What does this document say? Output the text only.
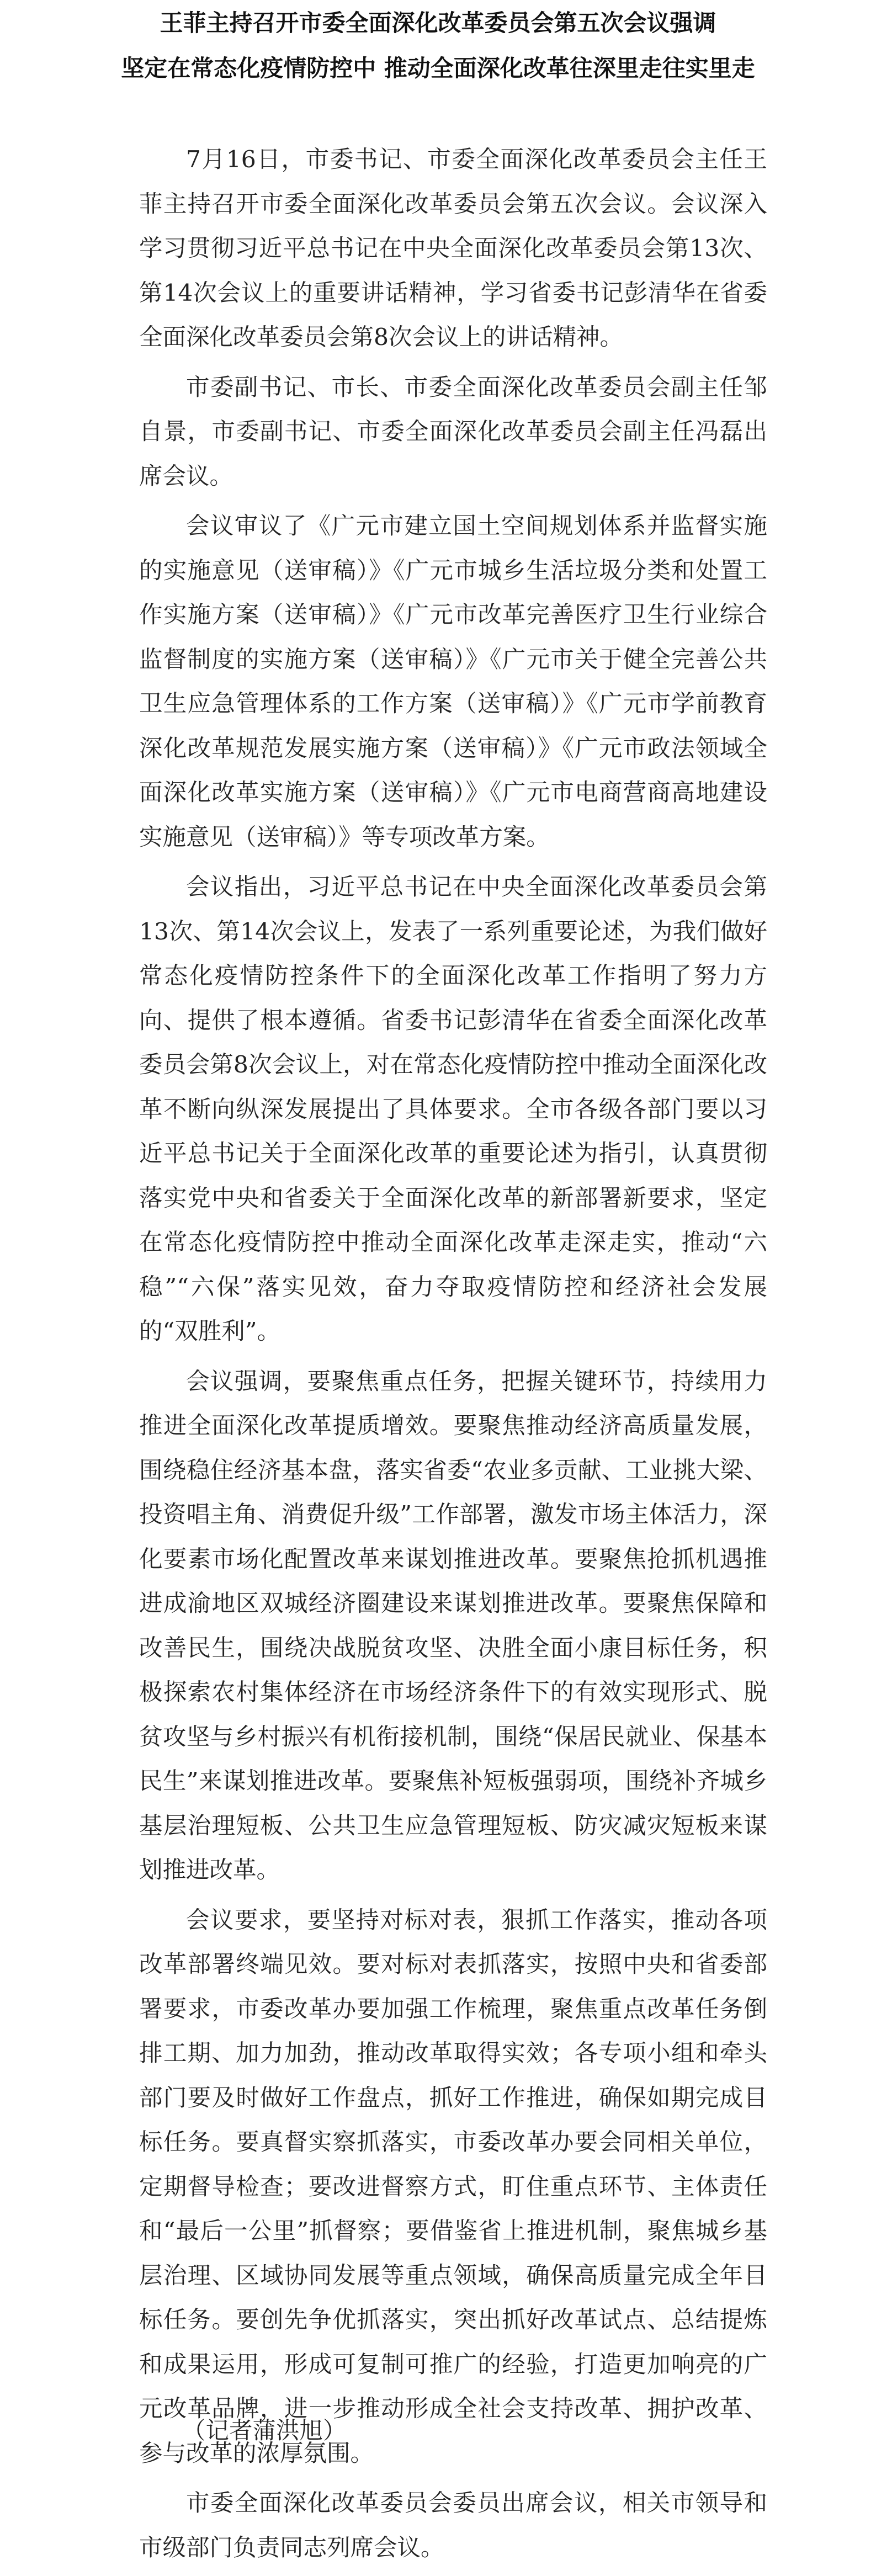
王菲主持召开市委全面深化改革委员会第五次会议强调
坚定在常态化疫情防控中 推动全面深化改革往深里走往实里走

7月16日，市委书记、市委全面深化改革委员会主任王菲主持召开市委全面深化改革委员会第五次会议。会议深入学习贯彻习近平总书记在中央全面深化改革委员会第13次、第14次会议上的重要讲话精神，学习省委书记彭清华在省委全面深化改革委员会第8次会议上的讲话精神。

市委副书记、市长、市委全面深化改革委员会副主任邹自景，市委副书记、市委全面深化改革委员会副主任冯磊出席会议。

会议审议了《广元市建立国土空间规划体系并监督实施的实施意见（送审稿）》《广元市城乡生活垃圾分类和处置工作实施方案（送审稿）》《广元市改革完善医疗卫生行业综合监督制度的实施方案（送审稿）》《广元市关于健全完善公共卫生应急管理体系的工作方案（送审稿）》《广元市学前教育深化改革规范发展实施方案（送审稿）》《广元市政法领域全面深化改革实施方案（送审稿）》《广元市电商营商高地建设实施意见（送审稿）》等专项改革方案。

会议指出，习近平总书记在中央全面深化改革委员会第13次、第14次会议上，发表了一系列重要论述，为我们做好常态化疫情防控条件下的全面深化改革工作指明了努力方向、提供了根本遵循。省委书记彭清华在省委全面深化改革委员会第8次会议上，对在常态化疫情防控中推动全面深化改革不断向纵深发展提出了具体要求。全市各级各部门要以习近平总书记关于全面深化改革的重要论述为指引，认真贯彻落实党中央和省委关于全面深化改革的新部署新要求，坚定在常态化疫情防控中推动全面深化改革走深走实，推动“六稳”“六保”落实见效，奋力夺取疫情防控和经济社会发展的“双胜利”。

会议强调，要聚焦重点任务，把握关键环节，持续用力推进全面深化改革提质增效。要聚焦推动经济高质量发展，围绕稳住经济基本盘，落实省委“农业多贡献、工业挑大梁、投资唱主角、消费促升级”工作部署，激发市场主体活力，深化要素市场化配置改革来谋划推进改革。要聚焦抢抓机遇推进成渝地区双城经济圈建设来谋划推进改革。要聚焦保障和改善民生，围绕决战脱贫攻坚、决胜全面小康目标任务，积极探索农村集体经济在市场经济条件下的有效实现形式、脱贫攻坚与乡村振兴有机衔接机制，围绕“保居民就业、保基本民生”来谋划推进改革。要聚焦补短板强弱项，围绕补齐城乡基层治理短板、公共卫生应急管理短板、防灾减灾短板来谋划推进改革。

会议要求，要坚持对标对表，狠抓工作落实，推动各项改革部署终端见效。要对标对表抓落实，按照中央和省委部署要求，市委改革办要加强工作梳理，聚焦重点改革任务倒排工期、加力加劲，推动改革取得实效；各专项小组和牵头部门要及时做好工作盘点，抓好工作推进，确保如期完成目标任务。要真督实察抓落实，市委改革办要会同相关单位，定期督导检查；要改进督察方式，盯住重点环节、主体责任和“最后一公里”抓督察；要借鉴省上推进机制，聚焦城乡基层治理、区域协同发展等重点领域，确保高质量完成全年目标任务。要创先争优抓落实，突出抓好改革试点、总结提炼和成果运用，形成可复制可推广的经验，打造更加响亮的广元改革品牌，进一步推动形成全社会支持改革、拥护改革、参与改革的浓厚氛围。

市委全面深化改革委员会委员出席会议，相关市领导和市级部门负责同志列席会议。

（记者蒲洪旭）
